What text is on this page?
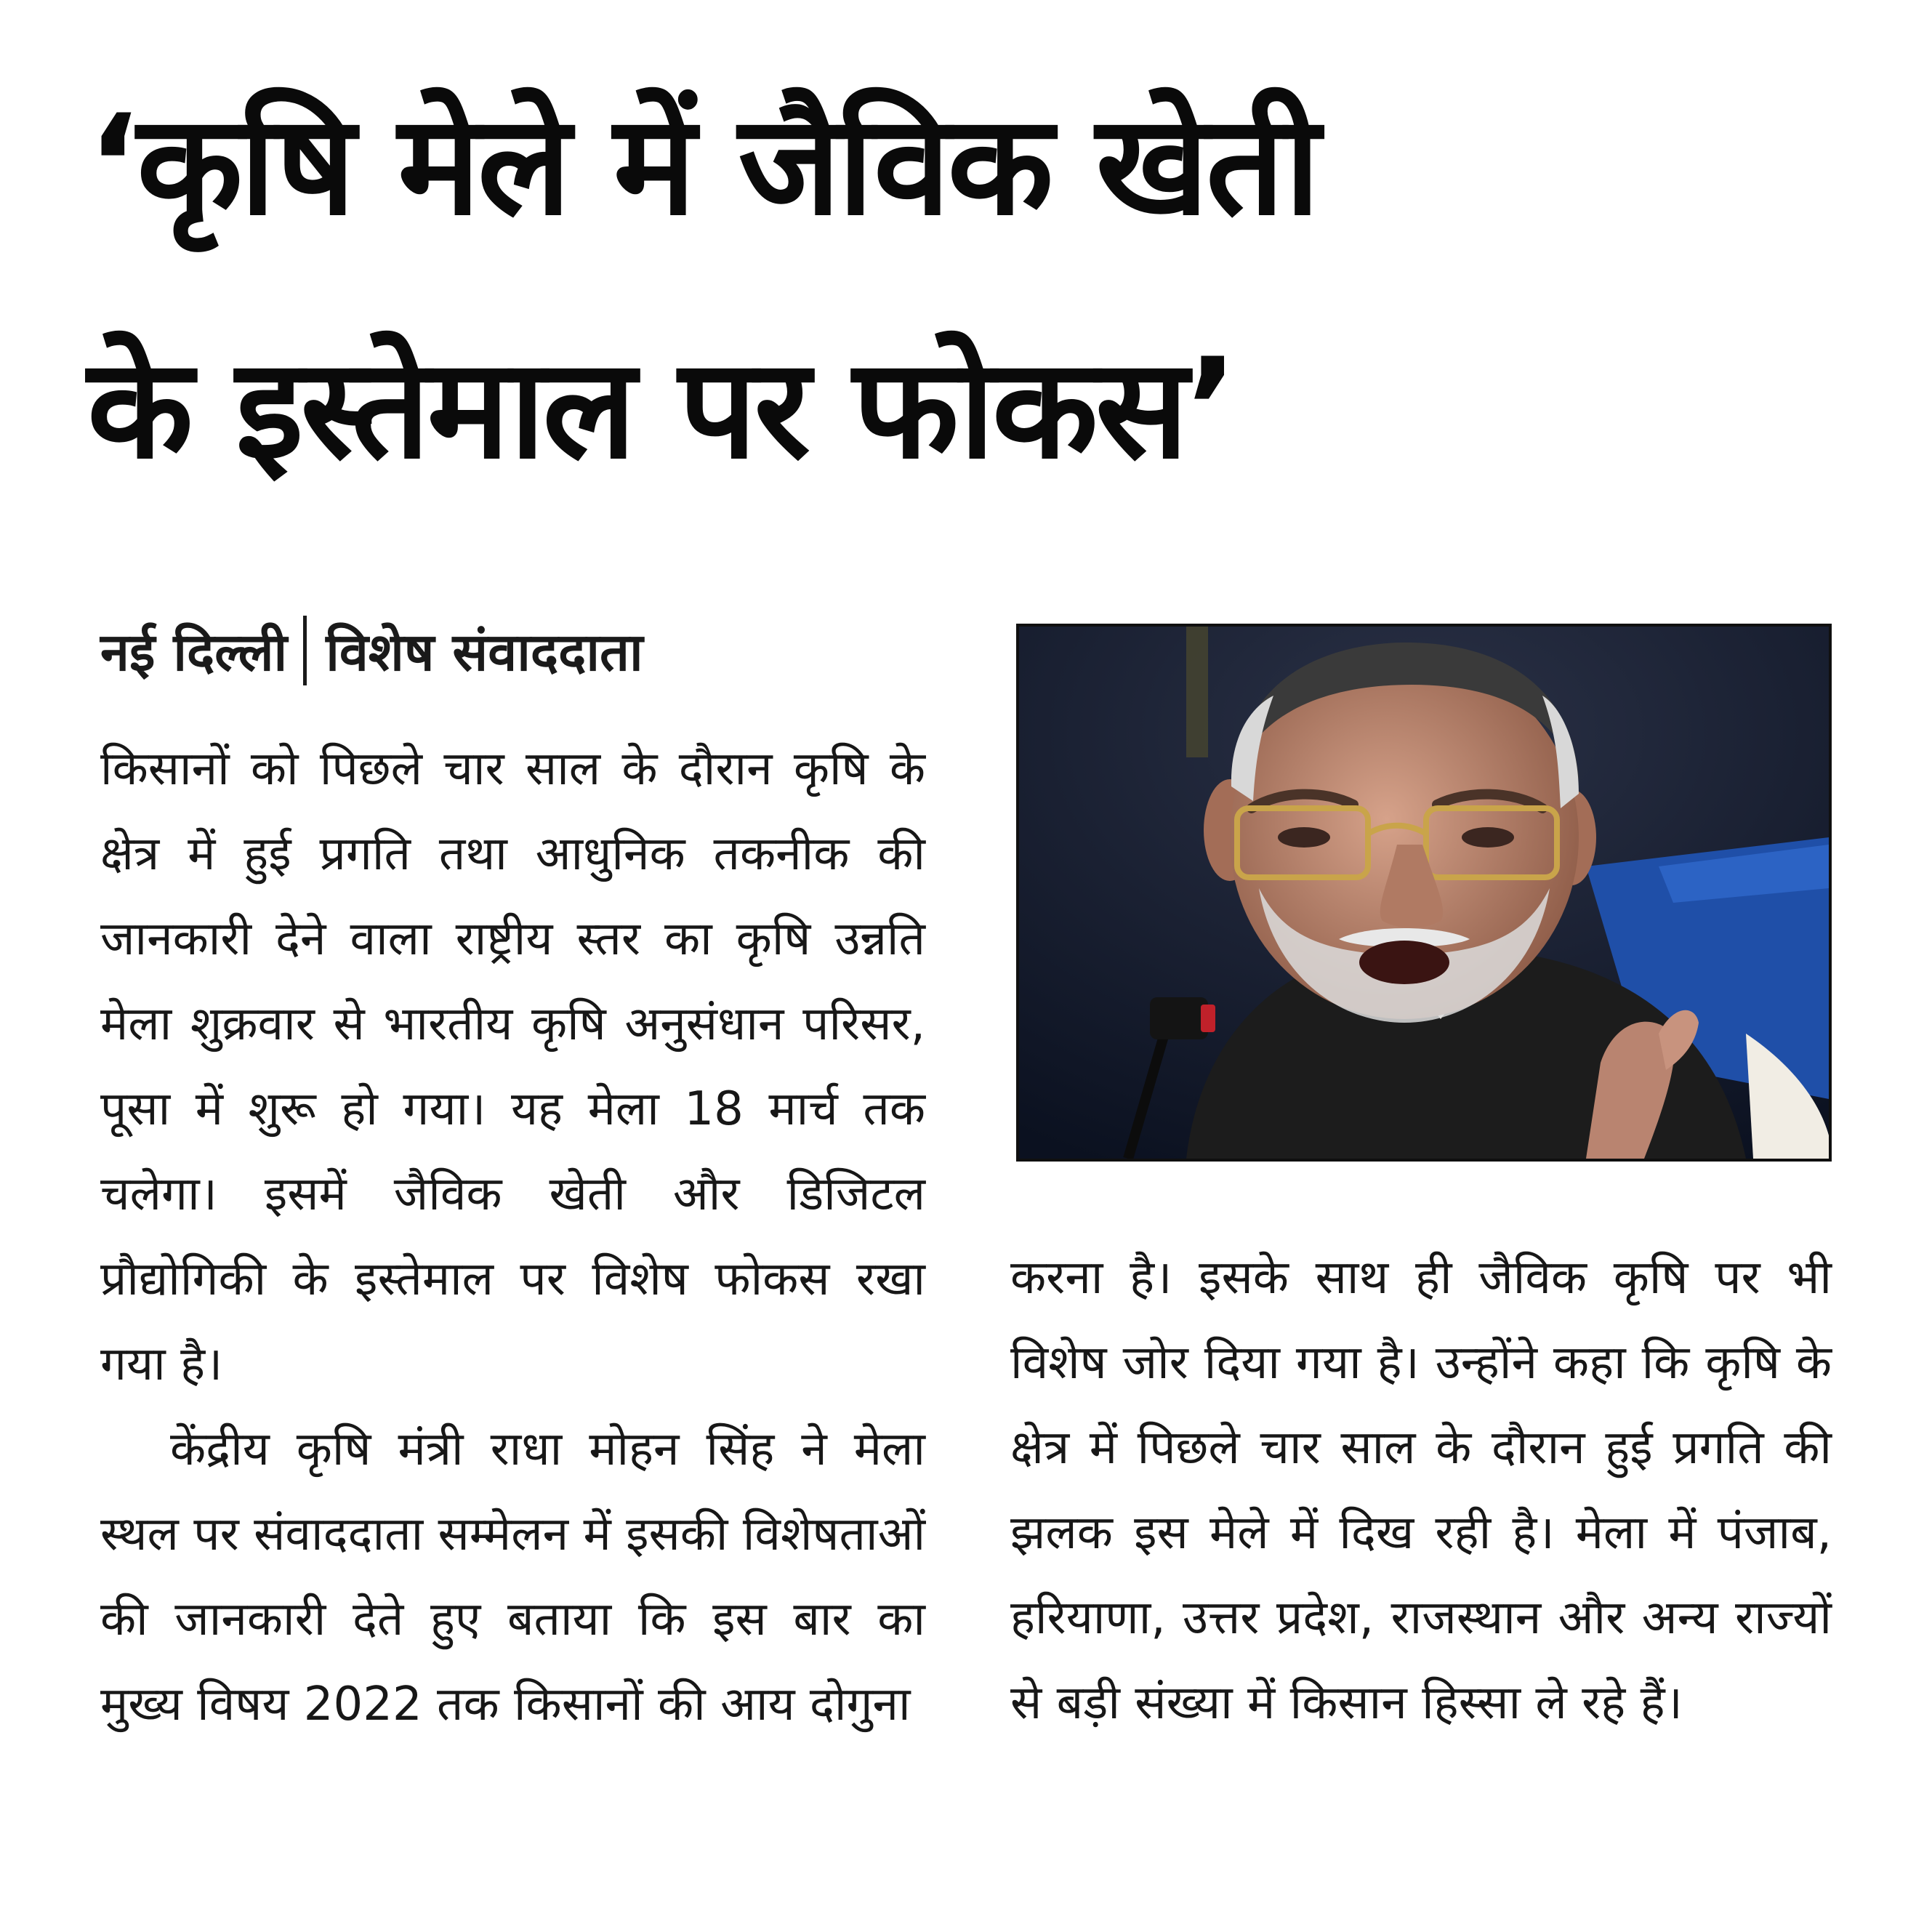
‘कृषि मेले में जैविक खेती
के इस्तेमाल पर फोकस’
नई दिल्ली विशेष संवाददाता

किसानों को पिछले चार साल के दौरान कृषि के क्षेत्र में हुई प्रगति तथा आधुनिक तकनीक की जानकारी देने वाला राष्ट्रीय स्तर का कृषि उन्नति मेला शुक्रवार से भारतीय कृषि अनुसंधान परिसर, पूसा में शुरू हो गया। यह मेला 18 मार्च तक चलेगा। इसमें जैविक खेती और डिजिटल प्रौद्योगिकी के इस्तेमाल पर विशेष फोकस रखा गया है।

केंद्रीय कृषि मंत्री राधा मोहन सिंह ने मेला स्थल पर संवाददाता सम्मेलन में इसकी विशेषताओं की जानकारी देते हुए बताया कि इस बार का मुख्य विषय 2022 तक किसानों की आय दोगुना

करना है। इसके साथ ही जैविक कृषि पर भी विशेष जोर दिया गया है। उन्होंने कहा कि कृषि के क्षेत्र में पिछले चार साल के दौरान हुई प्रगति की झलक इस मेले में दिख रही है। मेला में पंजाब, हरियाणा, उत्तर प्रदेश, राजस्थान और अन्य राज्यों से बड़ी संख्या में किसान हिस्सा ले रहे हैं।
